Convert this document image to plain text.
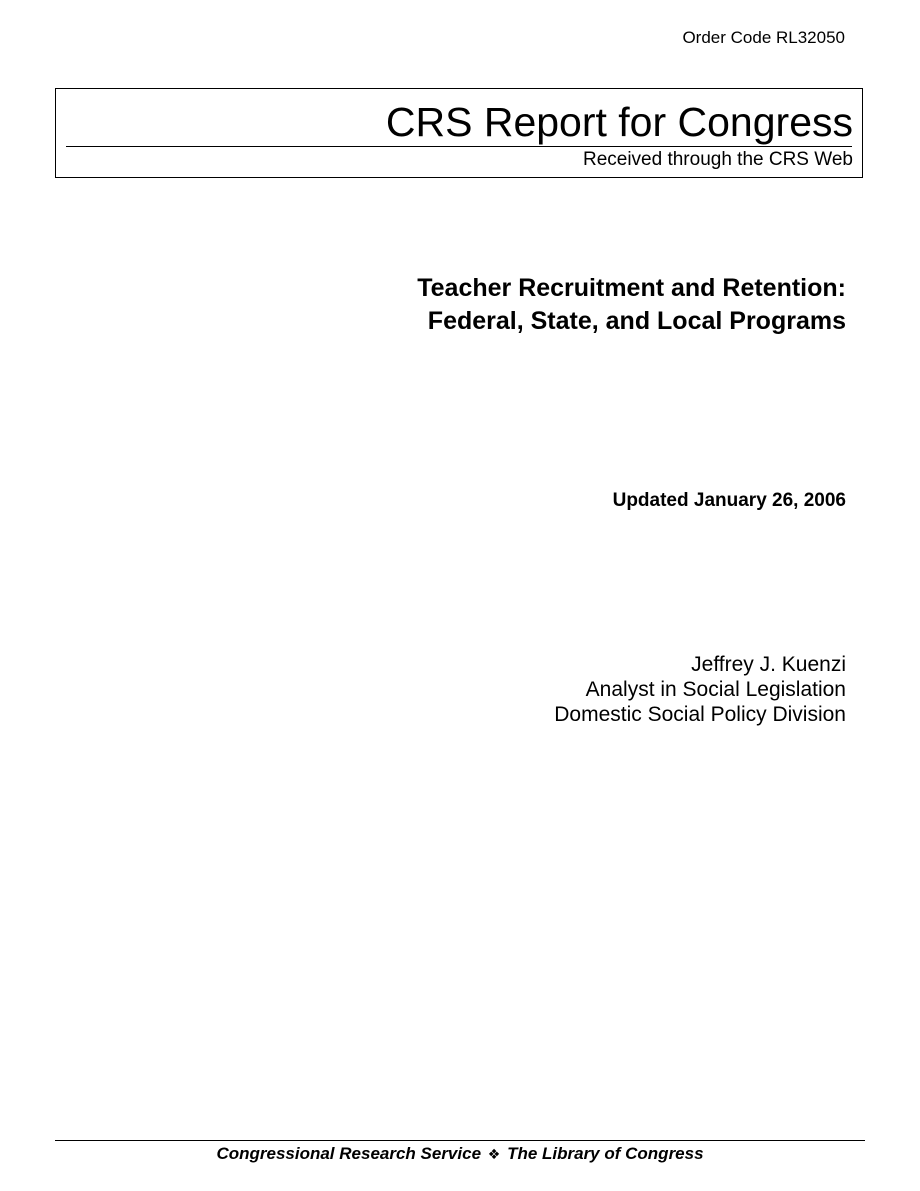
Order Code RL32050
CRS Report for Congress
Received through the CRS Web
Teacher Recruitment and Retention:
Federal, State, and Local Programs
Updated January 26, 2006
Jeffrey J. Kuenzi
Analyst in Social Legislation
Domestic Social Policy Division
Congressional Research Service ❖ The Library of Congress
